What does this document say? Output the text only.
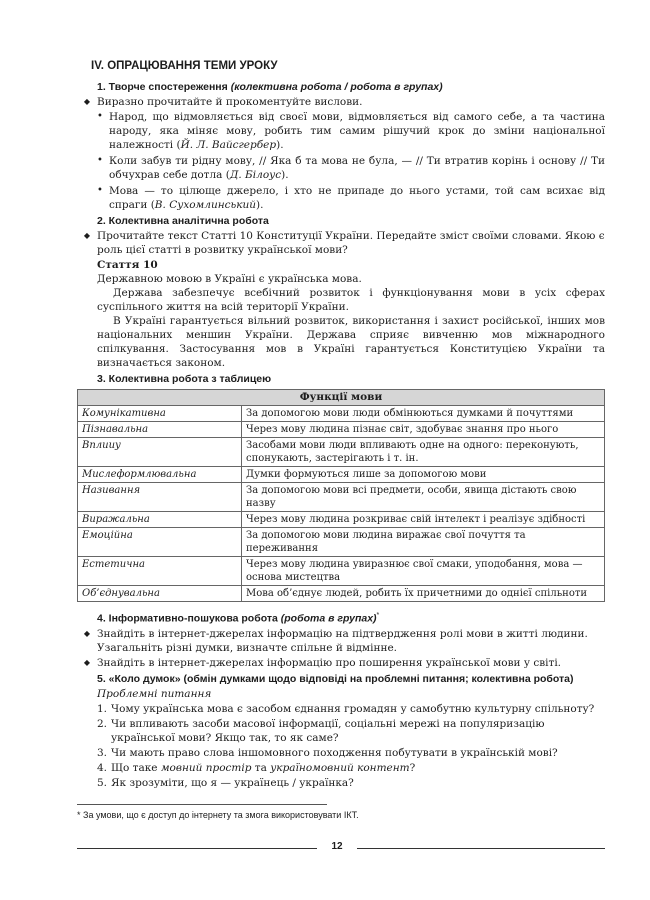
IV. ОПРАЦЮВАННЯ ТЕМИ УРОКУ
1. Творче спостереження (колективна робота / робота в групах)
◆ Виразно прочитайте й прокоментуйте вислови.
• Народ, що відмовляється від своєї мови, відмовляється від самого себе, а та частина народу, яка міняє мову, робить тим самим рішучий крок до зміни національної належності (Й. Л. Вайсгербер).
• Коли забув ти рідну мову, // Яка б та мова не була, — // Ти втратив корінь і основу // Ти обчухрав себе дотла (Д. Білоус).
• Мова — то цілюще джерело, і хто не припаде до нього устами, той сам всихає від спраги (В. Сухомлинський).
2. Колективна аналітична робота
◆ Прочитайте текст Статті 10 Конституції України. Передайте зміст своїми словами. Якою є роль цієї статті в розвитку української мови?
Стаття 10
Державною мовою в Україні є українська мова.
Держава забезпечує всебічний розвиток і функціонування мови в усіх сферах суспільного життя на всій території України.
В Україні гарантується вільний розвиток, використання і захист російської, інших мов національних меншин України. Держава сприяє вивченню мов міжнародного спілкування. Застосування мов в Україні гарантується Конституцією України та визначається законом.
3. Колективна робота з таблицею
Функції мови	
Комунікативна	За допомогою мови люди обмінюються думками й почуттями
Пізнавальна	Через мову людина пізнає світ, здобуває знання про нього
Вплииу	Засобами мови люди впливають одне на одного: переконують, спонукають, застерігають і т. ін.
Мислеформлювальна	Думки формуються лише за допомогою мови
Називання	За допомогою мови всі предмети, особи, явища дістають свою назву
Виражальна	Через мову людина розкриває свій інтелект і реалізує здібності
Емоційна	За допомогою мови людина виражає свої почуття та переживання
Естетична	Через мову людина увиразнює свої смаки, уподобання, мова — основа мистецтва
Об’єднувальна	Мова об’єднує людей, робить їх причетними до однієї спільноти
4. Інформативно-пошукова робота (робота в групах)*
◆ Знайдіть в інтернет-джерелах інформацію на підтвердження ролі мови в житті людини. Узагальніть різні думки, визначте спільне й відмінне.
◆ Знайдіть в інтернет-джерелах інформацію про поширення української мови у світі.
5. «Коло думок» (обмін думками щодо відповіді на проблемні питання; колективна робота)
Проблемні питання
1. Чому українська мова є засобом єднання громадян у самобутню культурну спільноту?
2. Чи впливають засоби масової інформації, соціальні мережі на популяризацію української мови? Якщо так, то як саме?
3. Чи мають право слова іншомовного походження побутувати в українській мові?
4. Що таке мовний простір та україномовний контент?
5. Як зрозуміти, що я — українець / українка?
* За умови, що є доступ до інтернету та змога використовувати ІКТ.
12
